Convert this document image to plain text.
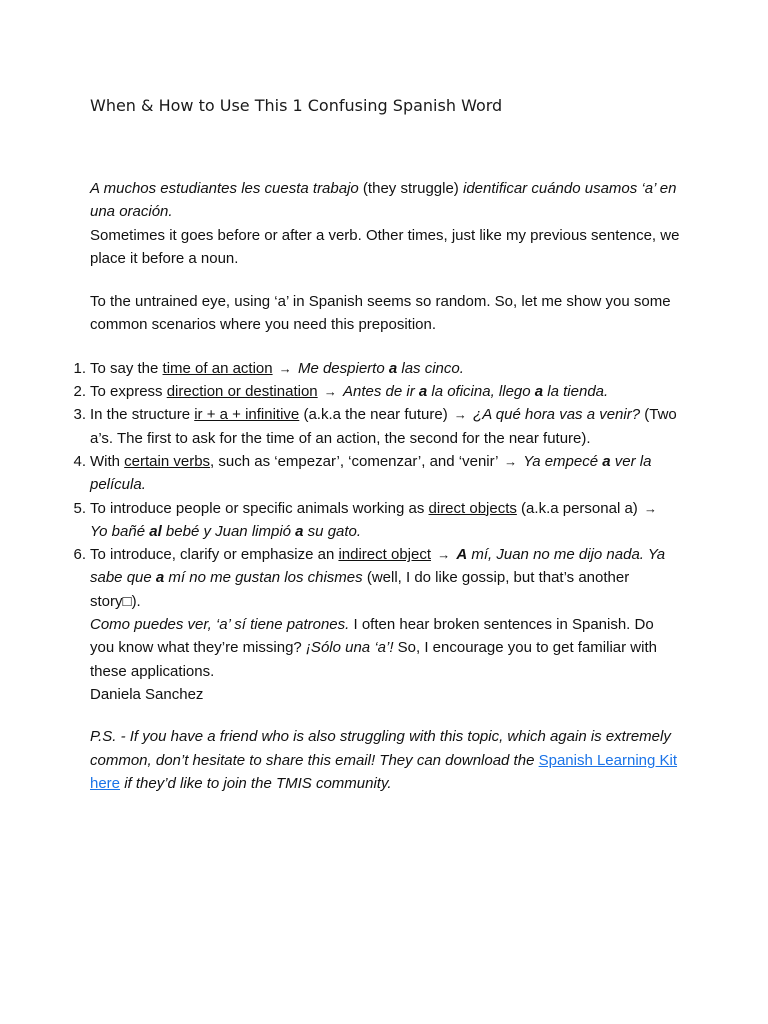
When & How to Use This 1 Confusing Spanish Word

A muchos estudiantes les cuesta trabajo (they struggle) identificar cuándo usamos ‘a’ en una oración.

Sometimes it goes before or after a verb. Other times, just like my previous sentence, we place it before a noun.

To the untrained eye, using ‘a’ in Spanish seems so random. So, let me show you some common scenarios where you need this preposition.

1. To say the time of an action → Me despierto a las cinco.
2. To express direction or destination → Antes de ir a la oficina, llego a la tienda.
3. In the structure ir + a + infinitive (a.k.a the near future) → ¿A qué hora vas a venir? (Two a’s. The first to ask for the time of an action, the second for the near future).
4. With certain verbs, such as ‘empezar’, ‘comenzar’, and ‘venir’ → Ya empecé a ver la película.
5. To introduce people or specific animals working as direct objects (a.k.a personal a) → Yo bañé al bebé y Juan limpió a su gato.
6. To introduce, clarify or emphasize an indirect object → A mí, Juan no me dijo nada. Ya sabe que a mí no me gustan los chismes (well, I do like gossip, but that’s another story□).

Como puedes ver, ‘a’ sí tiene patrones. I often hear broken sentences in Spanish. Do you know what they’re missing? ¡Sólo una ‘a’! So, I encourage you to get familiar with these applications.

Daniela Sanchez

P.S. - If you have a friend who is also struggling with this topic, which again is extremely common, don’t hesitate to share this email! They can download the Spanish Learning Kit here if they’d like to join the TMIS community.
